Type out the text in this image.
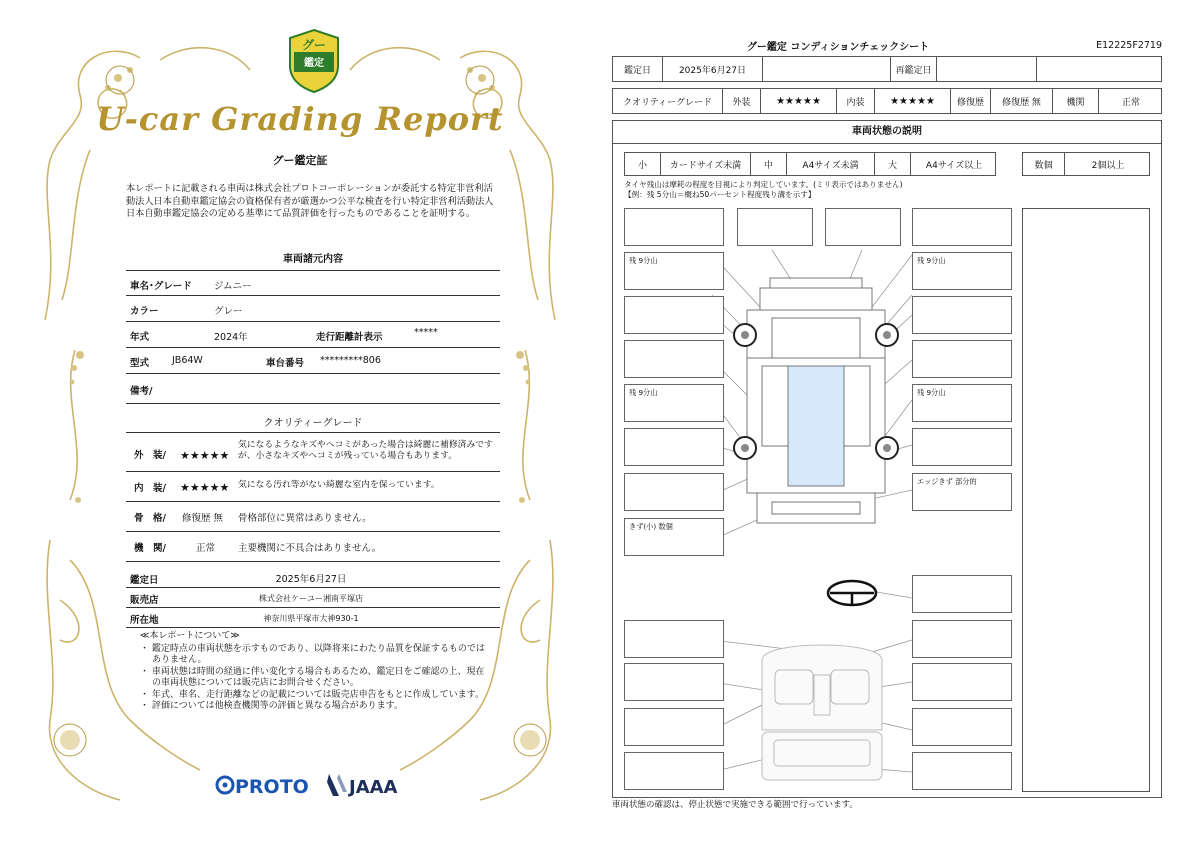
グー
鑑定
U-car Grading Report
グー鑑定証
本レポートに記載される車両は株式会社プロトコーポレーションが委託する特定非営利活動法人日本自動車鑑定協会の資格保有者が厳選かつ公平な検査を行い特定非営利活動法人日本自動車鑑定協会の定める基準にて品質評価を行ったものであることを証明する。
車両諸元内容
車名･グレード ジムニー
カラー	グレー
年式	2024年	走行距離計表示	*****
型式 JB64W	車台番号 *********806
備考/
クオリティーグレード
外　装/ ★★★★★
気になるようなキズやヘコミがあった場合は綺麗に補修済みですが、小さなキズやヘコミが残っている場合もあります。
内　装/ ★★★★★ 気になる汚れ等がない綺麗な室内を保っています。
骨　格/ 修復歴 無 骨格部位に異常はありません。
機　関/	正常 主要機関に不具合はありません。
鑑定日	2025年6月27日
販売店	株式会社ケーユー湘南平塚店
所在地	神奈川県平塚市大神930-1
≪本レポートについて≫
・ 鑑定時点の車両状態を示すものであり、以降将来にわたり品質を保証するものではありません。
・ 車両状態は時間の経過に伴い変化する場合もあるため、鑑定日をご確認の上、現在の車両状態については販売店にお問合せください。
・ 年式、車名、走行距離などの記載については販売店申告をもとに作成しています。
・ 評価については他検査機関等の評価と異なる場合があります。
PROTO JAAA
グー鑑定 コンディションチェックシート	E12225F2719
鑑定日	2025年6月27日	再鑑定日
クオリティーグレード	外装	★★★★★	内装	★★★★★	修復歴	修復歴 無	機関	正常
車両状態の説明
小	カードサイズ未満	中	A4サイズ未満	大	A4サイズ以上	数個	2個以上
タイヤ残山は摩耗の程度を目視により判定しています。(ミリ表示ではありません)
【例：残 5分山＝概ね50パーセント程度残り溝を示す】
残 9分山	残 9分山
残 9分山	残 9分山
エッジきず 部分的
きず(小) 数個
車両状態の確認は、停止状態で実施できる範囲で行っています。
